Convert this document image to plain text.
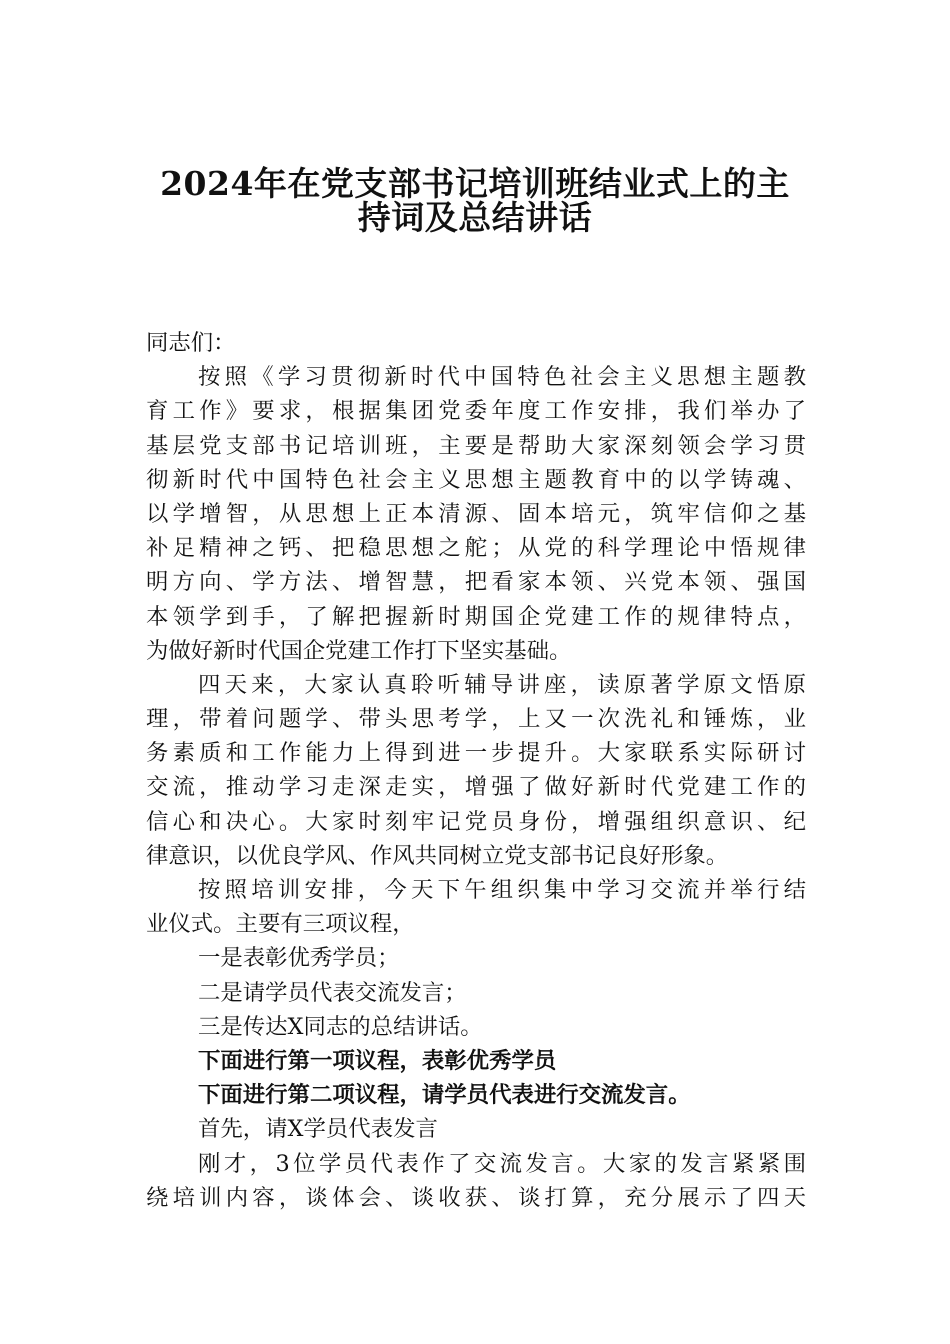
2024年在党支部书记培训班结业式上的主
持词及总结讲话
同志们：
按照《学习贯彻新时代中国特色社会主义思想主题教
育工作》要求，根据集团党委年度工作安排，我们举办了
基层党支部书记培训班，主要是帮助大家深刻领会学习贯
彻新时代中国特色社会主义思想主题教育中的以学铸魂、
以学增智，从思想上正本清源、固本培元，筑牢信仰之基
补足精神之钙、把稳思想之舵；从党的科学理论中悟规律
明方向、学方法、增智慧，把看家本领、兴党本领、强国
本领学到手，了解把握新时期国企党建工作的规律特点，
为做好新时代国企党建工作打下坚实基础。
四天来，大家认真聆听辅导讲座，读原著学原文悟原
理，带着问题学、带头思考学，上又一次洗礼和锤炼，业
务素质和工作能力上得到进一步提升。大家联系实际研讨
交流，推动学习走深走实，增强了做好新时代党建工作的
信心和决心。大家时刻牢记党员身份，增强组织意识、纪
律意识，以优良学风、作风共同树立党支部书记良好形象。
按照培训安排，今天下午组织集中学习交流并举行结
业仪式。主要有三项议程，
一是表彰优秀学员；
二是请学员代表交流发言；
三是传达X同志的总结讲话。
下面进行第一项议程，表彰优秀学员
下面进行第二项议程，请学员代表进行交流发言。
首先，请X学员代表发言
刚才，3位学员代表作了交流发言。大家的发言紧紧围
绕培训内容，谈体会、谈收获、谈打算，充分展示了四天
